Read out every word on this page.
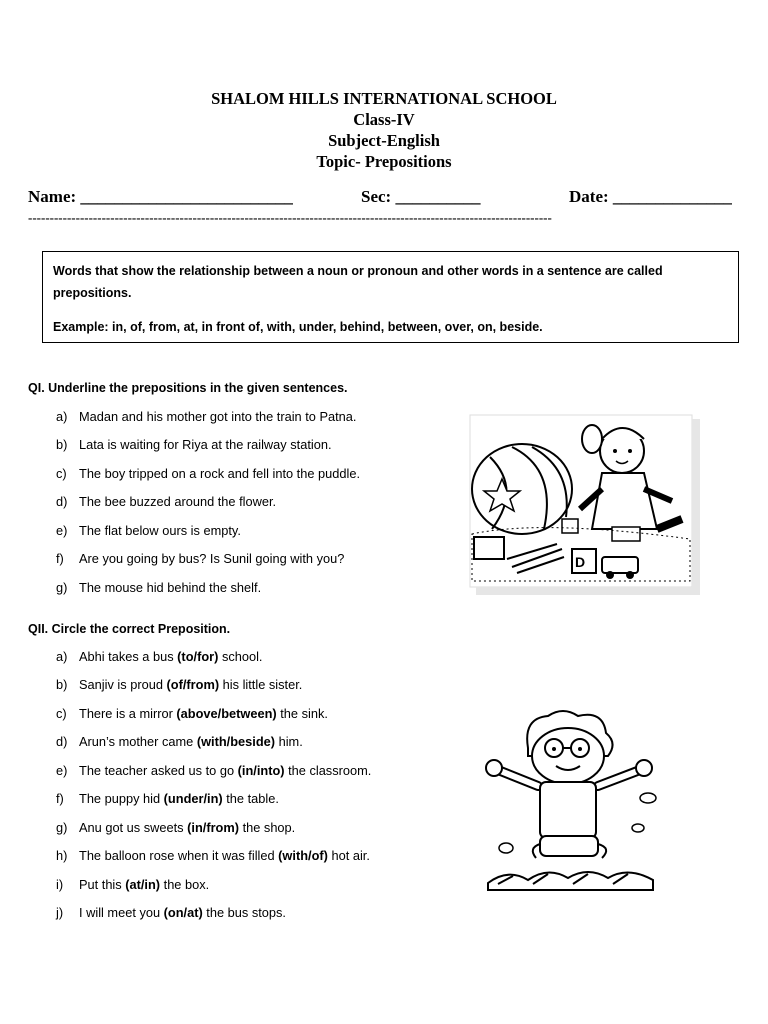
SHALOM HILLS INTERNATIONAL SCHOOL
Class-IV
Subject-English
Topic- Prepositions
Name: _________________________	Sec: __________	Date: ______________
-------------------------------------------------------------------------------------------------------------------------

Words that show the relationship between a noun or pronoun and other words in a sentence are called prepositions.

Example: in, of, from, at, in front of, with, under, behind, between, over, on, beside.

QI. Underline the prepositions in the given sentences.
a) Madan and his mother got into the train to Patna.
b) Lata is waiting for Riya at the railway station.
c) The boy tripped on a rock and fell into the puddle.
d) The bee buzzed around the flower.
e) The flat below ours is empty.
f) Are you going by bus? Is Sunil going with you?
g) The mouse hid behind the shelf.
D
QII. Circle the correct Preposition.
a) Abhi takes a bus (to/for) school.
b) Sanjiv is proud (of/from) his little sister.
c) There is a mirror (above/between) the sink.
d) Arun’s mother came (with/beside) him.
e) The teacher asked us to go (in/into) the classroom.
f) The puppy hid (under/in) the table.
g) Anu got us sweets (in/from) the shop.
h) The balloon rose when it was filled (with/of) hot air.
i) Put this (at/in) the box.
j) I will meet you (on/at) the bus stops.
